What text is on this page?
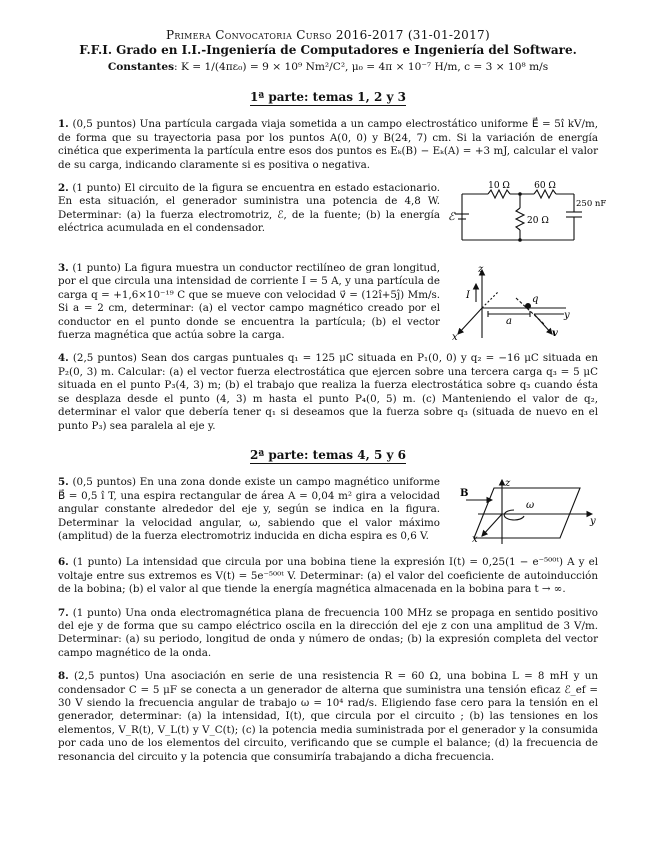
Primera Convocatoria Curso 2016-2017 (31-01-2017)
F.F.I. Grado en I.I.-Ingeniería de Computadores e Ingeniería del Software.
Constantes: K = 1/(4πε₀) = 9 × 10⁹ Nm²/C², μ₀ = 4π × 10⁻⁷ H/m, c = 3 × 10⁸ m/s
1ª parte: temas 1, 2 y 3
1. (0,5 puntos) Una partícula cargada viaja sometida a un campo electrostático uniforme E⃗ = 5î kV/m, de forma que su trayectoria pasa por los puntos A(0, 0) y B(24, 7) cm. Si la variación de energía cinética que experimenta la partícula entre esos dos puntos es Eₖ(B) − Eₖ(A) = +3 mJ, calcular el valor de su carga, indicando claramente si es positiva o negativa.
2. (1 punto) El circuito de la figura se encuentra en estado estacionario. En esta situación, el generador suministra una potencia de 4,8 W. Determinar: (a) la fuerza electromotriz, ℰ, de la fuente; (b) la energía eléctrica acumulada en el condensador.
10 Ω	60 Ω
20 Ω
250 nF
ℰ
3. (1 punto) La figura muestra un conductor rectilíneo de gran longitud, por el que circula una intensidad de corriente I = 5 A, y una partícula de carga q = +1,6×10⁻¹⁹ C que se mueve con velocidad v⃗ = (12î+5ĵ) Mm/s. Si a = 2 cm, determinar: (a) el vector campo magnético creado por el conductor en el punto donde se encuentra la partícula; (b) el vector fuerza magnética que actúa sobre la carga.
z
x
y
I	q
a
v
4. (2,5 puntos) Sean dos cargas puntuales q₁ = 125 μC situada en P₁(0, 0) y q₂ = −16 μC situada en P₂(0, 3) m. Calcular: (a) el vector fuerza electrostática que ejercen sobre una tercera carga q₃ = 5 μC situada en el punto P₃(4, 3) m; (b) el trabajo que realiza la fuerza electrostática sobre q₃ cuando ésta se desplaza desde el punto (4, 3) m hasta el punto P₄(0, 5) m. (c) Manteniendo el valor de q₂, determinar el valor que debería tener q₁ si deseamos que la fuerza sobre q₃ (situada de nuevo en el punto P₃) sea paralela al eje y.
2ª parte: temas 4, 5 y 6
5. (0,5 puntos) En una zona donde existe un campo magnético uniforme B⃗ = 0,5 î T, una espira rectangular de área A = 0,04 m² gira a velocidad angular constante alrededor del eje y, según se indica en la figura. Determinar la velocidad angular, ω, sabiendo que el valor máximo (amplitud) de la fuerza electromotriz inducida en dicha espira es 0,6 V.
B
z
y
x
ω
6. (1 punto) La intensidad que circula por una bobina tiene la expresión I(t) = 0,25(1 − e⁻⁵⁰⁰ᵗ) A y el voltaje entre sus extremos es V(t) = 5e⁻⁵⁰⁰ᵗ V. Determinar: (a) el valor del coeficiente de autoinducción de la bobina; (b) el valor al que tiende la energía magnética almacenada en la bobina para t → ∞.
7. (1 punto) Una onda electromagnética plana de frecuencia 100 MHz se propaga en sentido positivo del eje y de forma que su campo eléctrico oscila en la dirección del eje z con una amplitud de 3 V/m. Determinar: (a) su periodo, longitud de onda y número de ondas; (b) la expresión completa del vector campo magnético de la onda.
8. (2,5 puntos) Una asociación en serie de una resistencia R = 60 Ω, una bobina L = 8 mH y un condensador C = 5 μF se conecta a un generador de alterna que suministra una tensión eficaz ℰ_ef = 30 V siendo la frecuencia angular de trabajo ω = 10⁴ rad/s. Eligiendo fase cero para la tensión en el generador, determinar: (a) la intensidad, I(t), que circula por el circuito ; (b) las tensiones en los elementos, V_R(t), V_L(t) y V_C(t); (c) la potencia media suministrada por el generador y la consumida por cada uno de los elementos del circuito, verificando que se cumple el balance; (d) la frecuencia de resonancia del circuito y la potencia que consumiría trabajando a dicha frecuencia.
